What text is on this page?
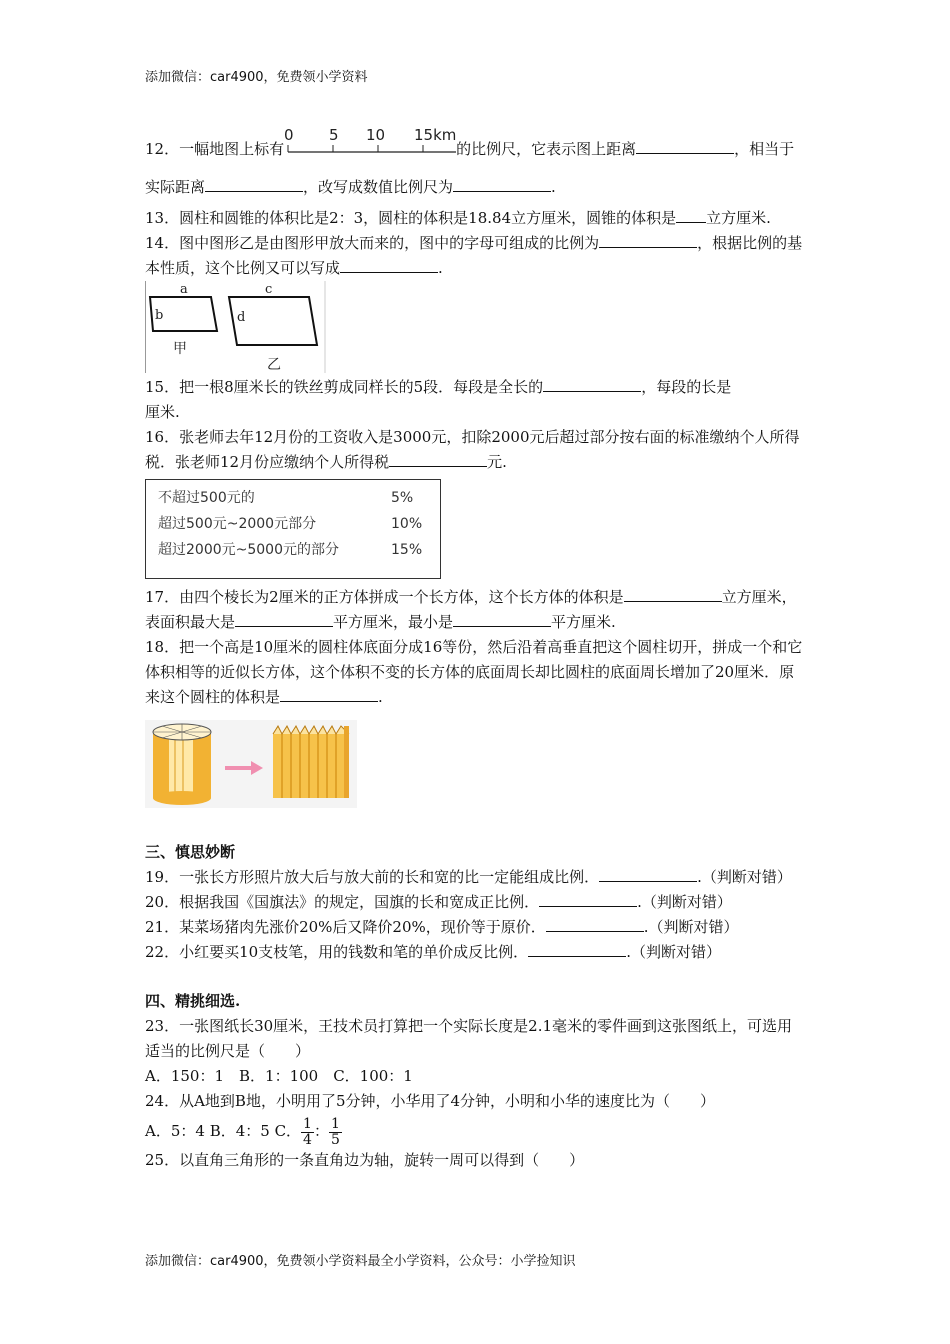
添加微信：car4900，免费领小学资料

12．一幅地图上标有
0 5 10 15km
的比例尺，它表示图上距离	，相当于实际距离	，改写成数值比例尺为	.

13．圆柱和圆锥的体积比是2：3，圆柱的体积是18.84立方厘米，圆锥的体积是 立方厘米.

14．图中图形乙是由图形甲放大而来的，图中的字母可组成的比例为	，根据比例的基本性质，这个比例又可以写成	.

a
b
c
d
甲
乙

15．把一根8厘米长的铁丝剪成同样长的5段．每段是全长的	，每段的长是
厘米.

16．张老师去年12月份的工资收入是3000元，扣除2000元后超过部分按右面的标准缴纳个人所得税．张老师12月份应缴纳个人所得税	元.

不超过500元的	5%
超过500元~2000元部分	10%
超过2000元~5000元的部分	15%

17．由四个棱长为2厘米的正方体拼成一个长方体，这个长方体的体积是	立方厘米，表面积最大是	平方厘米，最小是	平方厘米.

18．把一个高是10厘米的圆柱体底面分成16等份，然后沿着高垂直把这个圆柱切开，拼成一个和它体积相等的近似长方体，这个体积不变的长方体的底面周长却比圆柱的底面周长增加了20厘米．原来这个圆柱的体积是	.

三、慎思妙断

19．一张长方形照片放大后与放大前的长和宽的比一定能组成比例．	.（判断对错）

20．根据我国《国旗法》的规定，国旗的长和宽成正比例．	.（判断对错）

21．某菜场猪肉先涨价20%后又降价20%，现价等于原价．	.（判断对错）

22．小红要买10支枝笔，用的钱数和笔的单价成反比例．	.（判断对错）

四、精挑细选.

23．一张图纸长30厘米，王技术员打算把一个实际长度是2.1毫米的零件画到这张图纸上，可选用适当的比例尺是（　　）

A．150：1　B．1：100　C．100：1

24．从A地到B地，小明用了5分钟，小华用了4分钟，小明和小华的速度比为（　　）

A．5：4 B．4：5 C． $\frac{1}{4}$ ： $\frac{1}{5}$

25．以直角三角形的一条直角边为轴，旋转一周可以得到（　　）

添加微信：car4900，免费领小学资料最全小学资料，公众号：小学捡知识
